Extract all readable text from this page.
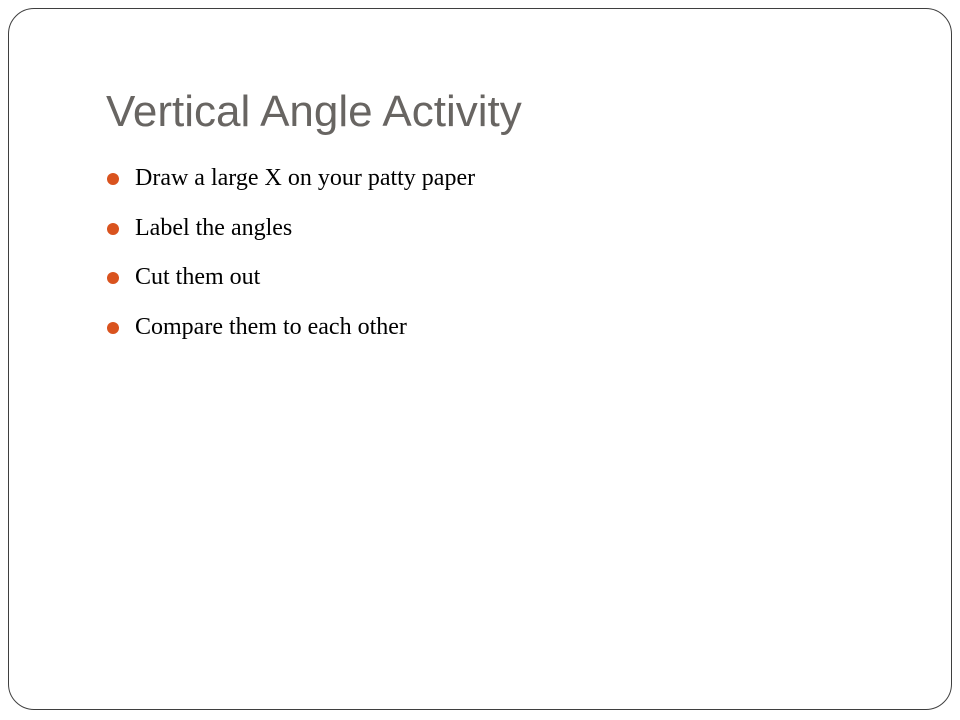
Vertical Angle Activity
Draw a large X on your patty paper
Label the angles
Cut them out
Compare them to each other
